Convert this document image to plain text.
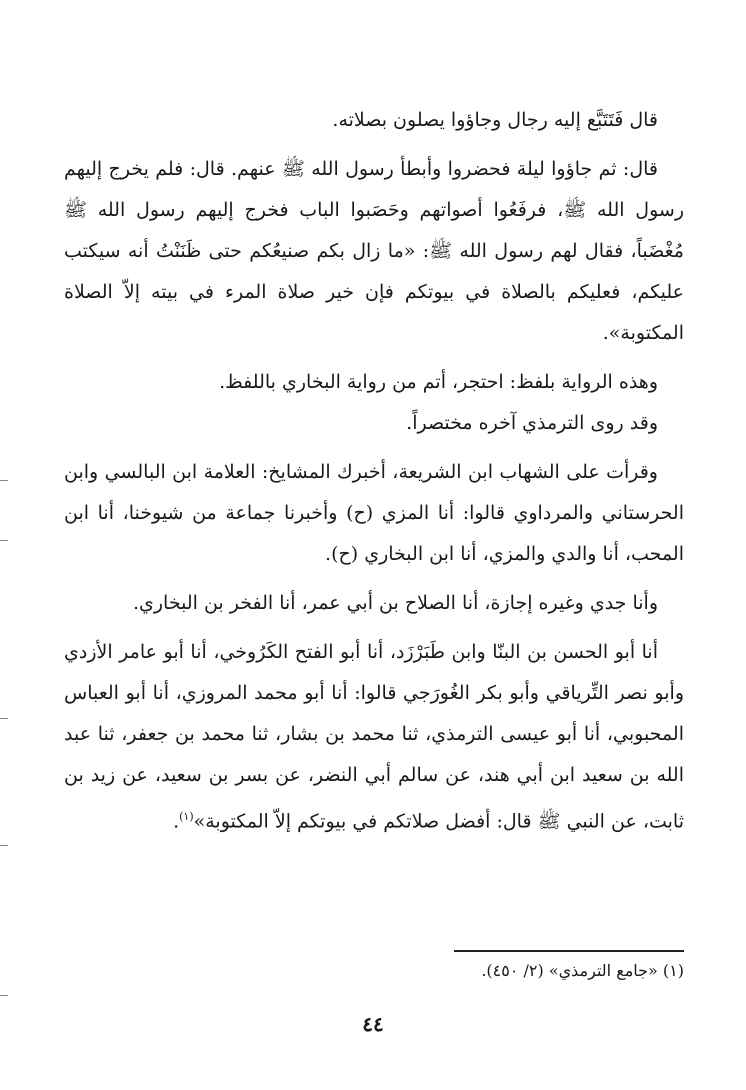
قال فَتَتَبَّع إليه رجال وجاؤوا يصلون بصلاته.

قال: ثم جاؤوا ليلة فحضروا وأبطأ رسول الله ﷺ عنهم. قال: فلم يخرج إليهم رسول الله ﷺ، فرفَعُوا أصواتهم وحَصَبوا الباب فخرج إليهم رسول الله ﷺ مُغْضَباً، فقال لهم رسول الله ﷺ: «ما زال بكم صنيعُكم حتى ظَنَنْتُ أنه سيكتب عليكم، فعليكم بالصلاة في بيوتكم فإن خير صلاة المرء في بيته إلاّ الصلاة المكتوبة».

وهذه الرواية بلفظ: احتجر، أتم من رواية البخاري باللفظ.

وقد روى الترمذي آخره مختصراً.

وقرأت على الشهاب ابن الشريعة، أخبرك المشايخ: العلامة ابن البالسي وابن الحرستاني والمرداوي قالوا: أنا المزي (ح) وأخبرنا جماعة من شيوخنا، أنا ابن المحب، أنا والدي والمزي، أنا ابن البخاري (ح).

وأنا جدي وغيره إجازة، أنا الصلاح بن أبي عمر، أنا الفخر بن البخاري.

أنا أبو الحسن بن البنّا وابن طَبَرْزَد، أنا أبو الفتح الكَرُوخي، أنا أبو عامر الأزدي وأبو نصر التِّرياقي وأبو بكر الغُورَجي قالوا: أنا أبو محمد المروزي، أنا أبو العباس المحبوبي، أنا أبو عيسى الترمذي، ثنا محمد بن بشار، ثنا محمد بن جعفر، ثنا عبد الله بن سعيد ابن أبي هند، عن سالم أبي النضر، عن بسر بن سعيد، عن زيد بن ثابت، عن النبي ﷺ قال: أفضل صلاتكم في بيوتكم إلاّ المكتوبة»$^{(١)}$.

(١) «جامع الترمذي» (٢/ ٤٥٠).
٤٤
